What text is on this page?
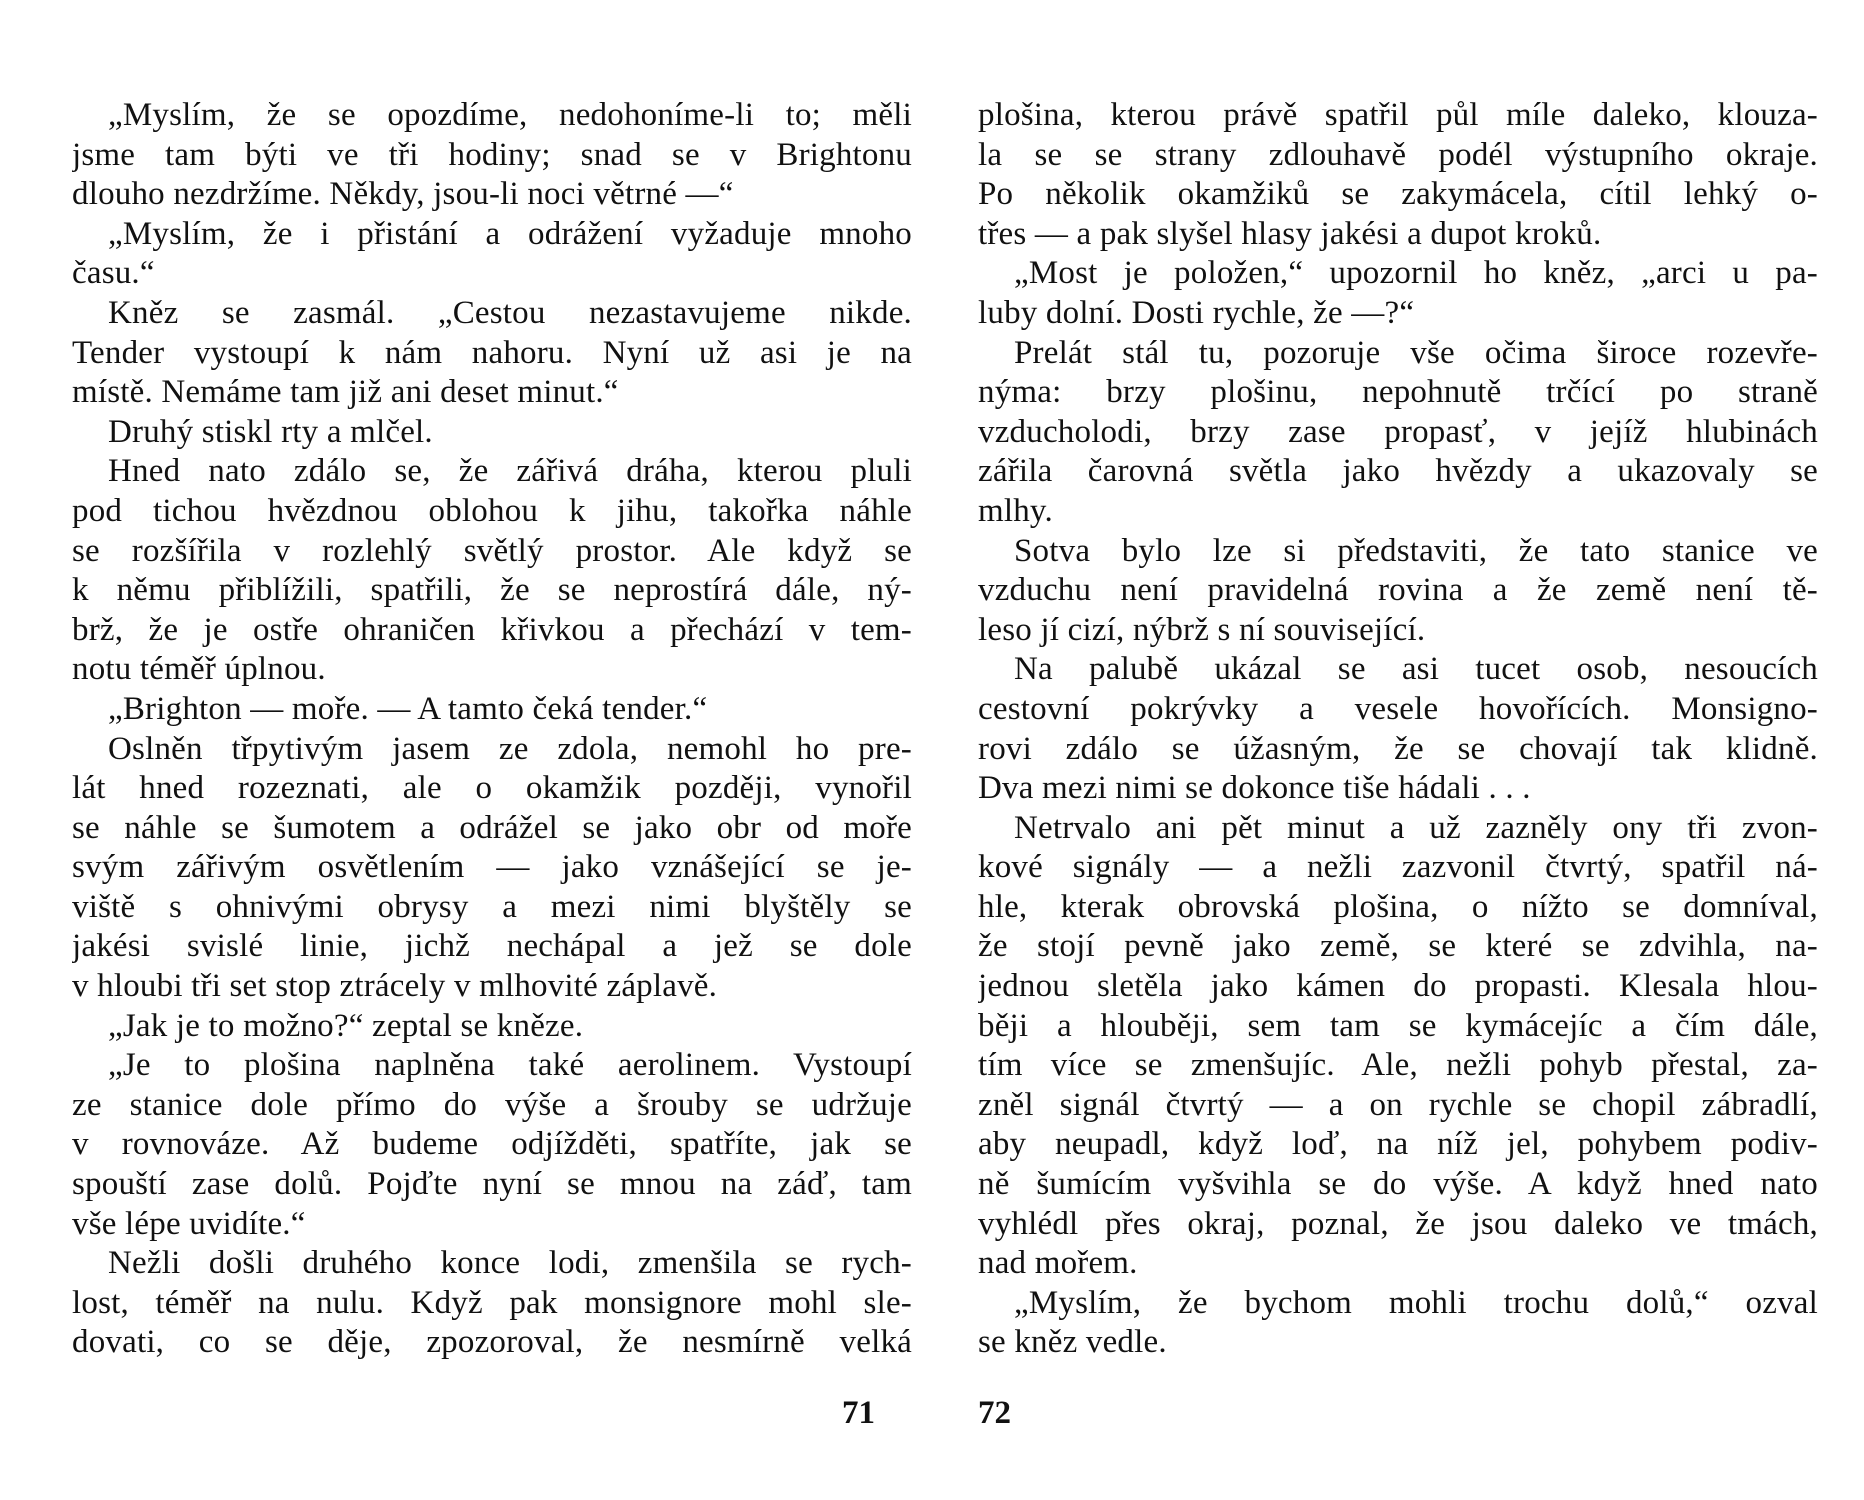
„Myslím, že se opozdíme, nedohoníme-li to; měli
jsme tam býti ve tři hodiny; snad se v Brightonu
dlouho nezdržíme. Někdy, jsou-li noci větrné —“
„Myslím, že i přistání a odrážení vyžaduje mnoho
času.“
Kněz se zasmál. „Cestou nezastavujeme nikde.
Tender vystoupí k nám nahoru. Nyní už asi je na
místě. Nemáme tam již ani deset minut.“
Druhý stiskl rty a mlčel.
Hned nato zdálo se, že zářivá dráha, kterou pluli
pod tichou hvězdnou oblohou k jihu, takořka náhle
se rozšířila v rozlehlý světlý prostor. Ale když se
k němu přiblížili, spatřili, že se neprostírá dále, ný-
brž, že je ostře ohraničen křivkou a přechází v tem-
notu téměř úplnou.
„Brighton — moře. — A tamto čeká tender.“
Oslněn třpytivým jasem ze zdola, nemohl ho pre-
lát hned rozeznati, ale o okamžik později, vynořil
se náhle se šumotem a odrážel se jako obr od moře
svým zářivým osvětlením — jako vznášející se je-
viště s ohnivými obrysy a mezi nimi blyštěly se
jakési svislé linie, jichž nechápal a jež se dole
v hloubi tři set stop ztrácely v mlhovité záplavě.
„Jak je to možno?“ zeptal se kněze.
„Je to plošina naplněna také aerolinem. Vystoupí
ze stanice dole přímo do výše a šrouby se udržuje
v rovnováze. Až budeme odjížděti, spatříte, jak se
spouští zase dolů. Pojďte nyní se mnou na záď, tam
vše lépe uvidíte.“
Nežli došli druhého konce lodi, zmenšila se rych-
lost, téměř na nulu. Když pak monsignore mohl sle-
dovati, co se děje, zpozoroval, že nesmírně velká
plošina, kterou právě spatřil půl míle daleko, klouza-
la se se strany zdlouhavě podél výstupního okraje.
Po několik okamžiků se zakymácela, cítil lehký o-
třes — a pak slyšel hlasy jakési a dupot kroků.
„Most je položen,“ upozornil ho kněz, „arci u pa-
luby dolní. Dosti rychle, že —?“
Prelát stál tu, pozoruje vše očima široce rozevře-
nýma: brzy plošinu, nepohnutě trčící po straně
vzducholodi, brzy zase propasť, v jejíž hlubinách
zářila čarovná světla jako hvězdy a ukazovaly se
mlhy.
Sotva bylo lze si představiti, že tato stanice ve
vzduchu není pravidelná rovina a že země není tě-
leso jí cizí, nýbrž s ní související.
Na palubě ukázal se asi tucet osob, nesoucích
cestovní pokrývky a vesele hovořících. Monsigno-
rovi zdálo se úžasným, že se chovají tak klidně.
Dva mezi nimi se dokonce tiše hádali . . .
Netrvalo ani pět minut a už zazněly ony tři zvon-
kové signály — a nežli zazvonil čtvrtý, spatřil ná-
hle, kterak obrovská plošina, o nížto se domníval,
že stojí pevně jako země, se které se zdvihla, na-
jednou sletěla jako kámen do propasti. Klesala hlou-
běji a hlouběji, sem tam se kymácejíc a čím dále,
tím více se zmenšujíc. Ale, nežli pohyb přestal, za-
zněl signál čtvrtý — a on rychle se chopil zábradlí,
aby neupadl, když loď, na níž jel, pohybem podiv-
ně šumícím vyšvihla se do výše. A když hned nato
vyhlédl přes okraj, poznal, že jsou daleko ve tmách,
nad mořem.
„Myslím, že bychom mohli trochu dolů,“ ozval
se kněz vedle.
71	72
